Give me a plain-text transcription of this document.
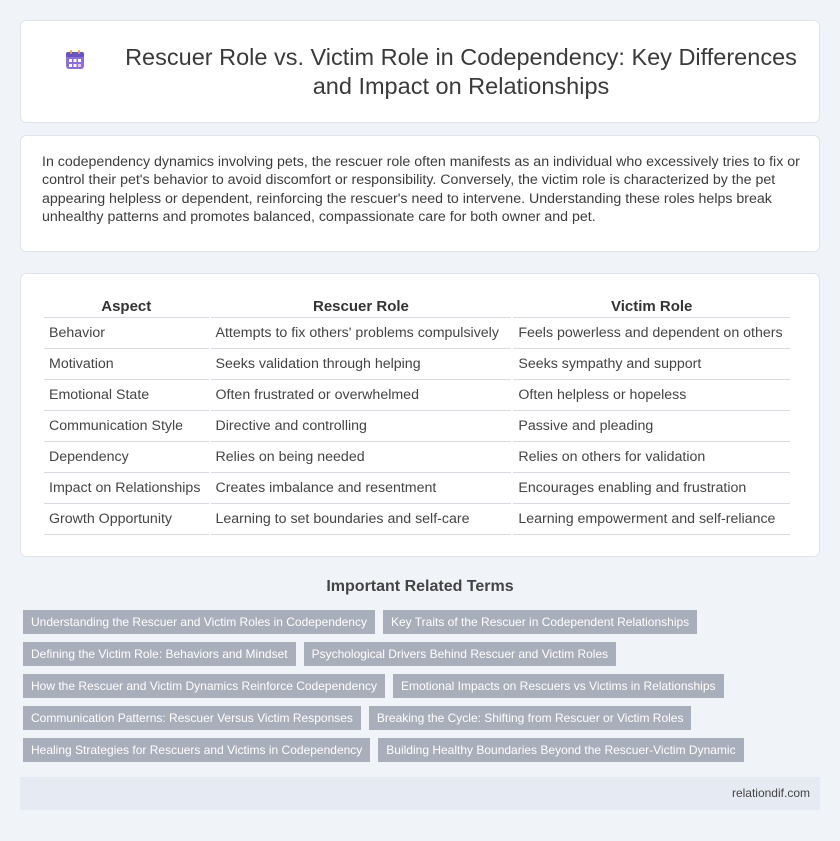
Rescuer Role vs. Victim Role in Codependency: Key Differences and Impact on Relationships

In codependency dynamics involving pets, the rescuer role often manifests as an individual who excessively tries to fix or control their pet's behavior to avoid discomfort or responsibility. Conversely, the victim role is characterized by the pet appearing helpless or dependent, reinforcing the rescuer's need to intervene. Understanding these roles helps break unhealthy patterns and promotes balanced, compassionate care for both owner and pet.

Aspect	Rescuer Role	Victim Role
Behavior	Attempts to fix others' problems compulsively	Feels powerless and dependent on others
Motivation	Seeks validation through helping	Seeks sympathy and support
Emotional State	Often frustrated or overwhelmed	Often helpless or hopeless
Communication Style	Directive and controlling	Passive and pleading
Dependency	Relies on being needed	Relies on others for validation
Impact on Relationships	Creates imbalance and resentment	Encourages enabling and frustration
Growth Opportunity	Learning to set boundaries and self-care	Learning empowerment and self-reliance
Important Related Terms
Understanding the Rescuer and Victim Roles in Codependency	Key Traits of the Rescuer in Codependent Relationships
Defining the Victim Role: Behaviors and Mindset	Psychological Drivers Behind Rescuer and Victim Roles
How the Rescuer and Victim Dynamics Reinforce Codependency	Emotional Impacts on Rescuers vs Victims in Relationships
Communication Patterns: Rescuer Versus Victim Responses	Breaking the Cycle: Shifting from Rescuer or Victim Roles
Healing Strategies for Rescuers and Victims in Codependency	Building Healthy Boundaries Beyond the Rescuer-Victim Dynamic
relationdif.com
